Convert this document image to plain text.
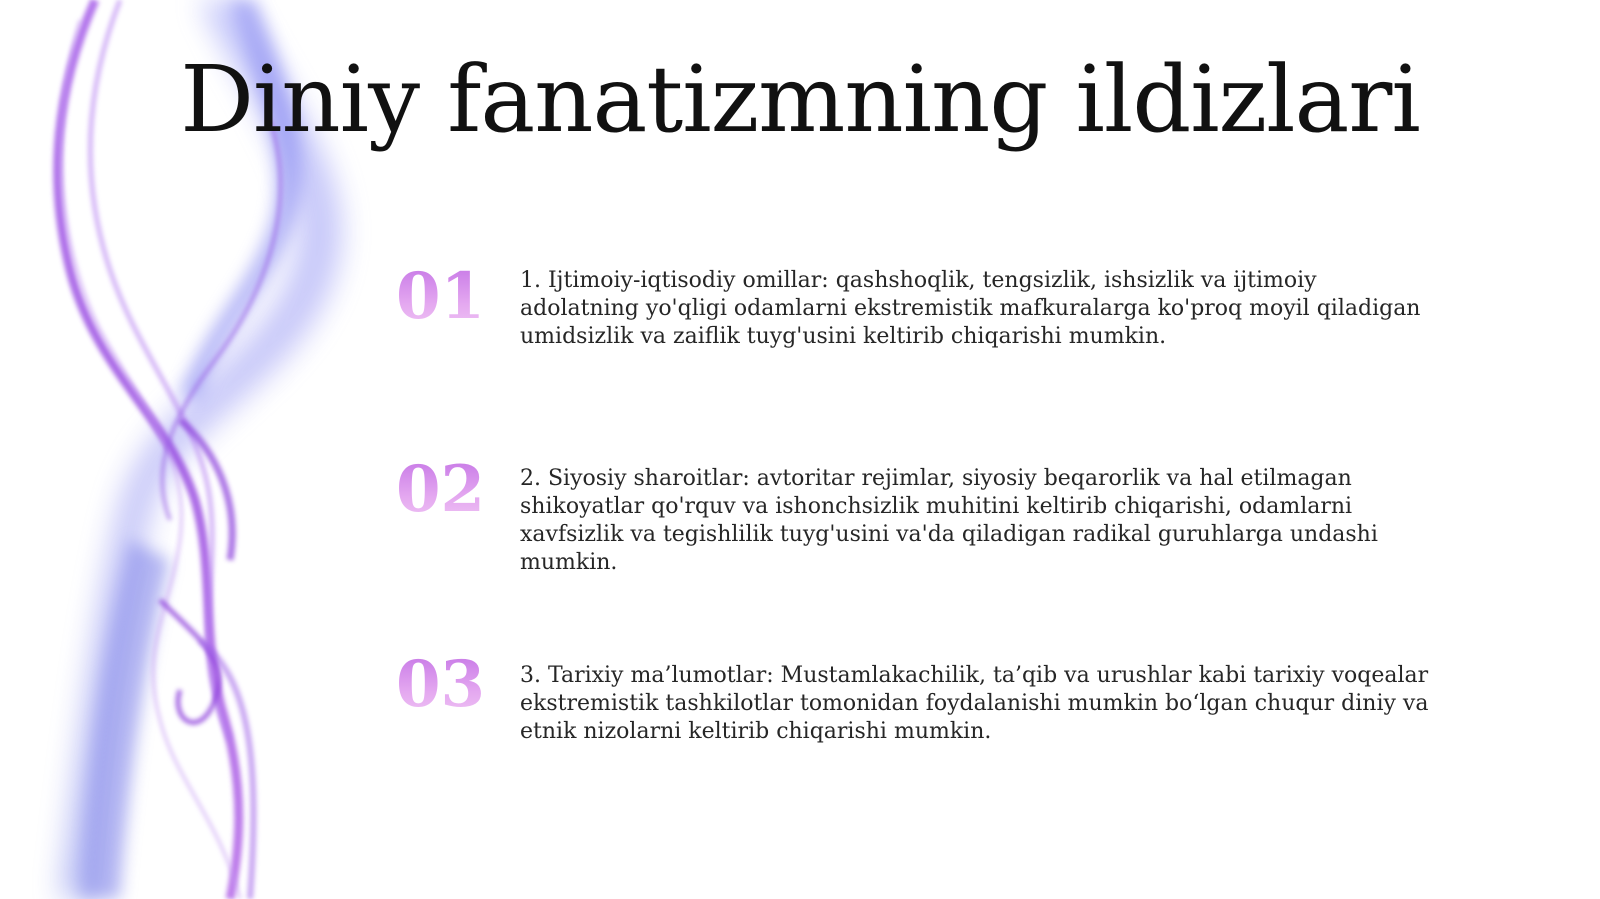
Diniy fanatizmning ildizlari
01 1. Ijtimoiy-iqtisodiy omillar: qashshoqlik, tengsizlik, ishsizlik va ijtimoiy adolatning yo'qligi odamlarni ekstremistik mafkuralarga ko'proq moyil qiladigan umidsizlik va zaiflik tuyg'usini keltirib chiqarishi mumkin.
02 2. Siyosiy sharoitlar: avtoritar rejimlar, siyosiy beqarorlik va hal etilmagan shikoyatlar qo'rquv va ishonchsizlik muhitini keltirib chiqarishi, odamlarni xavfsizlik va tegishlilik tuyg'usini va'da qiladigan radikal guruhlarga undashi mumkin.
03 3. Tarixiy ma’lumotlar: Mustamlakachilik, ta’qib va urushlar kabi tarixiy voqealar ekstremistik tashkilotlar tomonidan foydalanishi mumkin boʻlgan chuqur diniy va etnik nizolarni keltirib chiqarishi mumkin.
